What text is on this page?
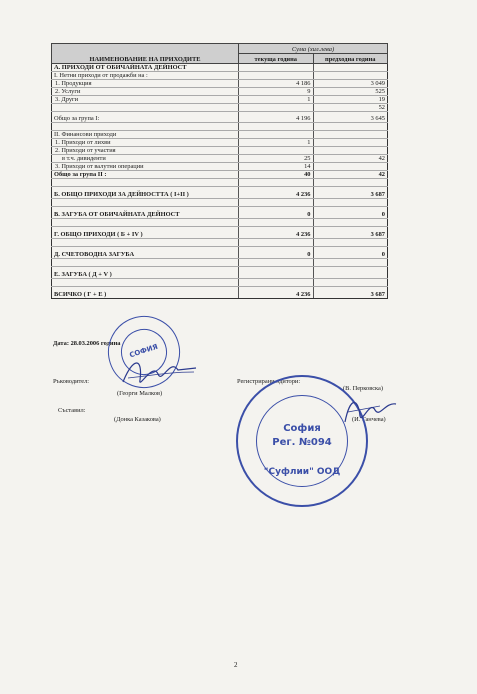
НАИМЕНОВАНИЕ НА ПРИХОДИТЕ	Сума (хил.лева)	
	текуща година	предходна година
А. ПРИХОДИ ОТ ОБИЧАЙНАТА ДЕЙНОСТ		
I. Нетни приходи от продажби на :		
1. Продукция	4 186	3 049
2. Услуги	9	525
3. Други	1	19
		52
Общо за група I:	4 196	3 645

II. Финансови приходи		
1. Приходи от лихви	1	
2. Приходи от участия		
в т.ч. дивиденти	25	42
3. Приходи от валутни операции	14	
Общо за група II :	40	42

Б. ОБЩО ПРИХОДИ ЗА ДЕЙНОСТТА ( I+II )	4 236	3 687

В. ЗАГУБА ОТ ОБИЧАЙНАТА ДЕЙНОСТ	0	0

Г. ОБЩО ПРИХОДИ ( Б + IV )	4 236	3 687

Д. СЧЕТОВОДНА ЗАГУБА	0	0

Е. ЗАГУБА ( Д + V )		

ВСИЧКО ( Г + Е )	4 236	3 687
Дата: 28.03.2006 година
Ръководител:
(Георги Малков)
Регистрирани одитори:
(В. Перковска)
Съставил:
(Донка Казакова)	(И. Ганчева)
СОФИЯ
София
Рег. №094
"Суфлии" ООД
2
